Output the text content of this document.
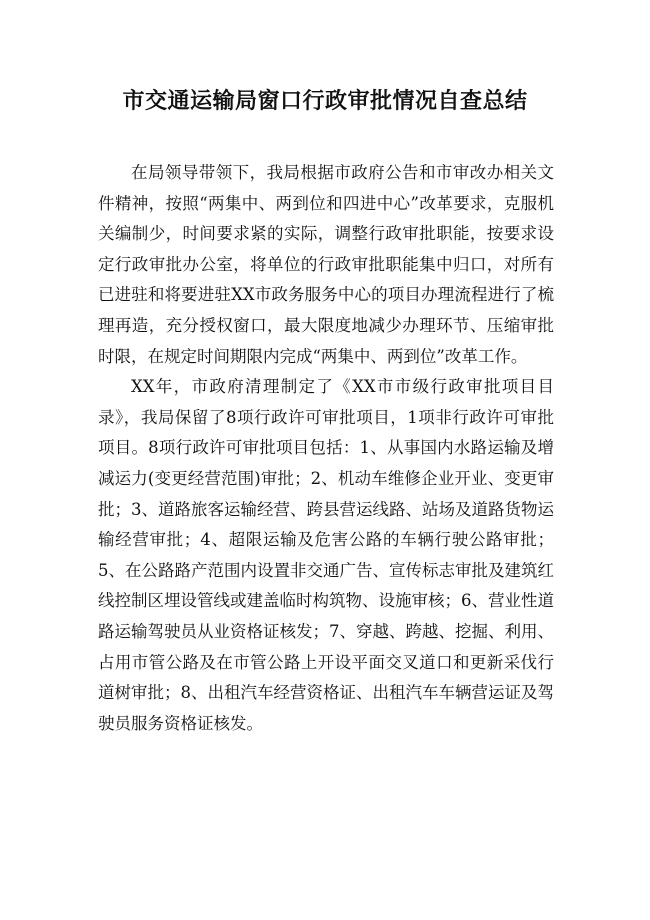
市交通运输局窗口行政审批情况自查总结

在局领导带领下，我局根据市政府公告和市审改办相关文件精神，按照“两集中、两到位和四进中心”改革要求，克服机关编制少，时间要求紧的实际，调整行政审批职能，按要求设定行政审批办公室，将单位的行政审批职能集中归口，对所有已进驻和将要进驻XX市政务服务中心的项目办理流程进行了梳理再造，充分授权窗口，最大限度地减少办理环节、压缩审批时限，在规定时间期限内完成“两集中、两到位”改革工作。

XX年，市政府清理制定了《XX市市级行政审批项目目录》，我局保留了8项行政许可审批项目，1项非行政许可审批项目。8项行政许可审批项目包括：1、从事国内水路运输及增减运力(变更经营范围)审批；2、机动车维修企业开业、变更审批；3、道路旅客运输经营、跨县营运线路、站场及道路货物运输经营审批；4、超限运输及危害公路的车辆行驶公路审批；5、在公路路产范围内设置非交通广告、宣传标志审批及建筑红线控制区埋设管线或建盖临时构筑物、设施审核；6、营业性道路运输驾驶员从业资格证核发；7、穿越、跨越、挖掘、利用、占用市管公路及在市管公路上开设平面交叉道口和更新采伐行道树审批；8、出租汽车经营资格证、出租汽车车辆营运证及驾驶员服务资格证核发。
